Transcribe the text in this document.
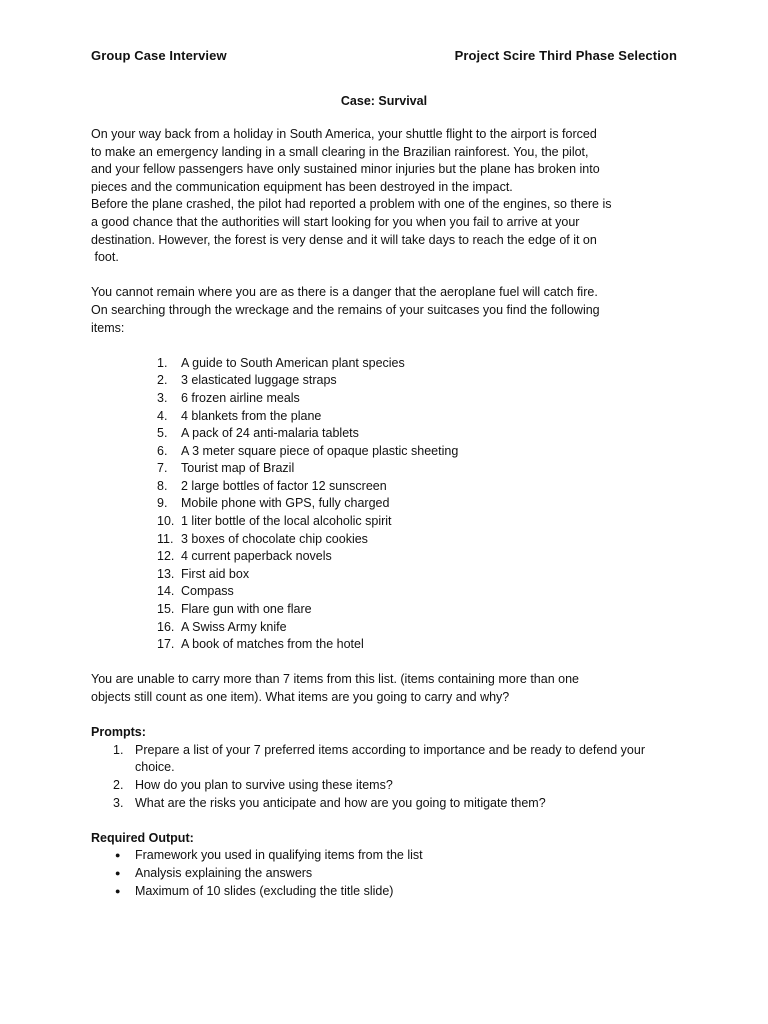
Group Case Interview	Project Scire Third Phase Selection
Case: Survival

On your way back from a holiday in South America, your shuttle flight to the airport is forced

to make an emergency landing in a small clearing in the Brazilian rainforest. You, the pilot,

and your fellow passengers have only sustained minor injuries but the plane has broken into

pieces and the communication equipment has been destroyed in the impact.

Before the plane crashed, the pilot had reported a problem with one of the engines, so there is

a good chance that the authorities will start looking for you when you fail to arrive at your

destination. However, the forest is very dense and it will take days to reach the edge of it on

foot.

You cannot remain where you are as there is a danger that the aeroplane fuel will catch fire.

On searching through the wreckage and the remains of your suitcases you find the following

items:

1.	A guide to South American plant species
2.	3 elasticated luggage straps
3.	6 frozen airline meals
4.	4 blankets from the plane
5.	A pack of 24 anti-malaria tablets
6.	A 3 meter square piece of opaque plastic sheeting
7.	Tourist map of Brazil
8.	2 large bottles of factor 12 sunscreen
9.	Mobile phone with GPS, fully charged
10. 1 liter bottle of the local alcoholic spirit
11. 3 boxes of chocolate chip cookies
12. 4 current paperback novels
13. First aid box
14. Compass
15. Flare gun with one flare
16. A Swiss Army knife
17. A book of matches from the hotel

You are unable to carry more than 7 items from this list. (items containing more than one

objects still count as one item). What items are you going to carry and why?

Prompts:

1. Prepare a list of your 7 preferred items according to importance and be ready to defend your
choice.
2. How do you plan to survive using these items?
3. What are the risks you anticipate and how are you going to mitigate them?

Required Output:

● Framework you used in qualifying items from the list
● Analysis explaining the answers
● Maximum of 10 slides (excluding the title slide)
